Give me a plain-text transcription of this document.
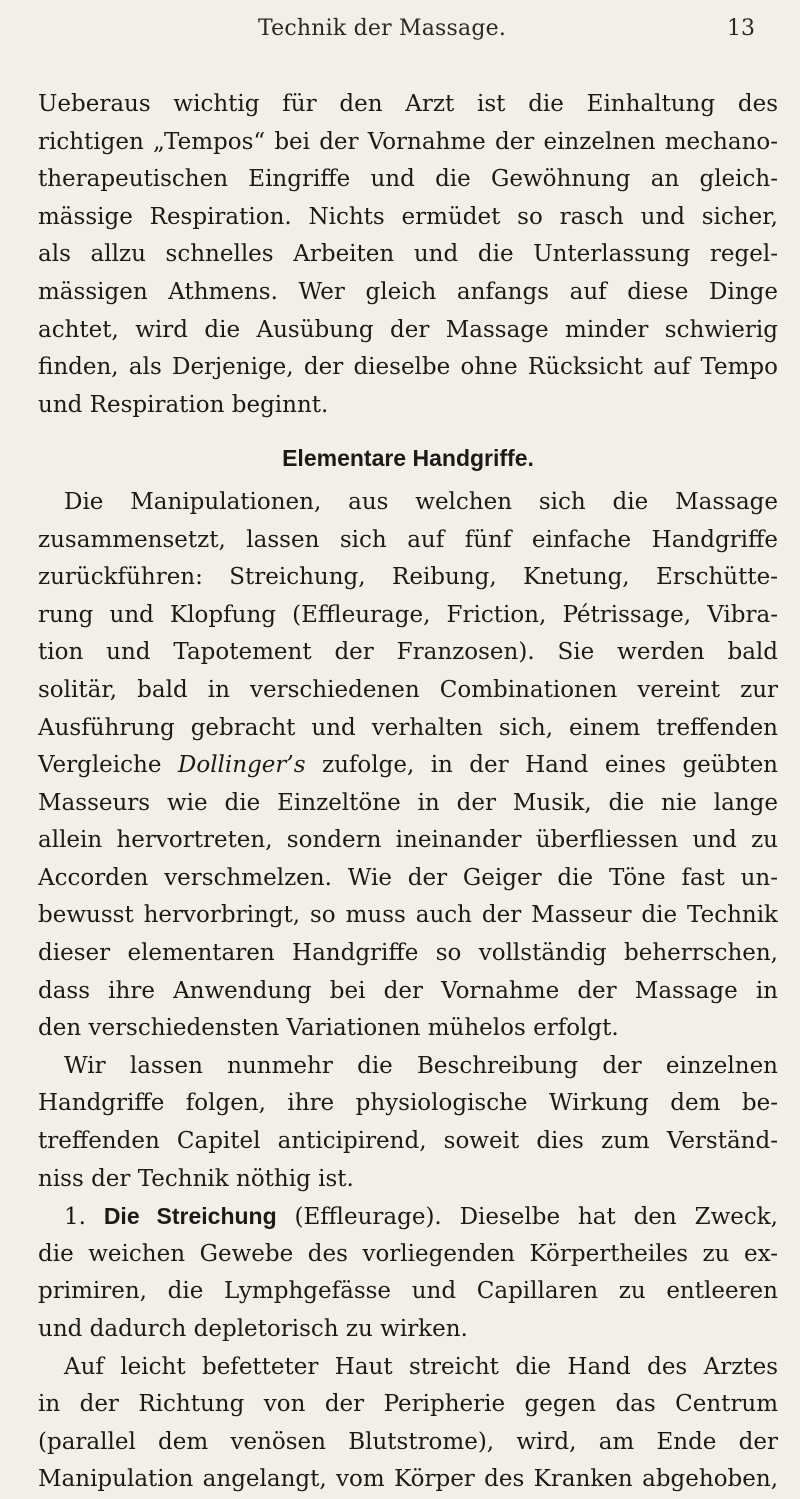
Technik der Massage.	13
Ueberaus wichtig für den Arzt ist die Einhaltung des
richtigen „Tempos“ bei der Vornahme der einzelnen mechano-
therapeutischen Eingriffe und die Gewöhnung an gleich-
mässige Respiration. Nichts ermüdet so rasch und sicher,
als allzu schnelles Arbeiten und die Unterlassung regel-
mässigen Athmens. Wer gleich anfangs auf diese Dinge
achtet, wird die Ausübung der Massage minder schwierig
finden, als Derjenige, der dieselbe ohne Rücksicht auf Tempo
und Respiration beginnt.
Elementare Handgriffe.
Die Manipulationen, aus welchen sich die Massage
zusammensetzt, lassen sich auf fünf einfache Handgriffe
zurückführen: Streichung, Reibung, Knetung, Erschütte-
rung und Klopfung (Effleurage, Friction, Pétrissage, Vibra-
tion und Tapotement der Franzosen). Sie werden bald
solitär, bald in verschiedenen Combinationen vereint zur
Ausführung gebracht und verhalten sich, einem treffenden
Vergleiche Dollinger’s zufolge, in der Hand eines geübten
Masseurs wie die Einzeltöne in der Musik, die nie lange
allein hervortreten, sondern ineinander überfliessen und zu
Accorden verschmelzen. Wie der Geiger die Töne fast un-
bewusst hervorbringt, so muss auch der Masseur die Technik
dieser elementaren Handgriffe so vollständig beherrschen,
dass ihre Anwendung bei der Vornahme der Massage in
den verschiedensten Variationen mühelos erfolgt.
Wir lassen nunmehr die Beschreibung der einzelnen
Handgriffe folgen, ihre physiologische Wirkung dem be-
treffenden Capitel anticipirend, soweit dies zum Verständ-
niss der Technik nöthig ist.
1. Die Streichung (Effleurage). Dieselbe hat den Zweck,
die weichen Gewebe des vorliegenden Körpertheiles zu ex-
primiren, die Lymphgefässe und Capillaren zu entleeren
und dadurch depletorisch zu wirken.
Auf leicht befetteter Haut streicht die Hand des Arztes
in der Richtung von der Peripherie gegen das Centrum
(parallel dem venösen Blutstrome), wird, am Ende der
Manipulation angelangt, vom Körper des Kranken abgehoben,
